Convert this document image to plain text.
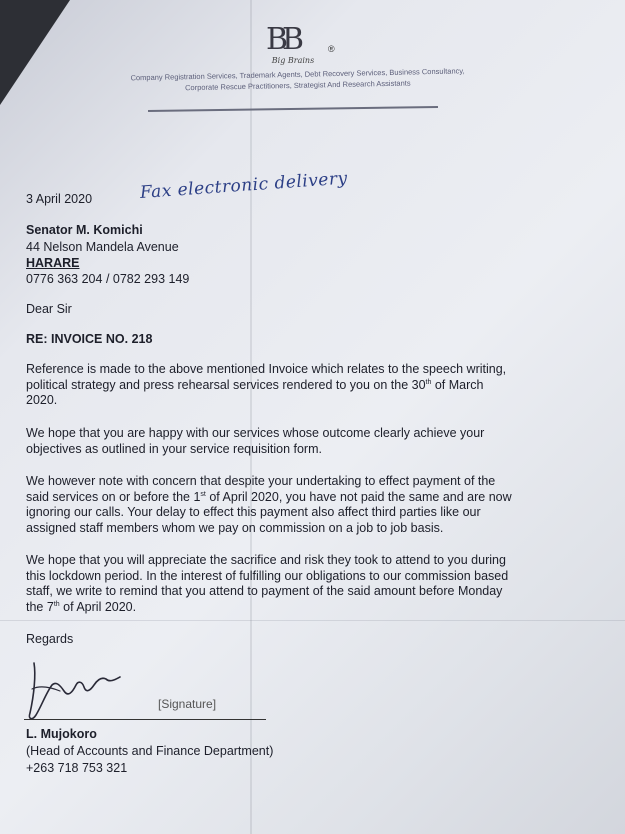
BB	®
Big Brains
Company Registration Services, Trademark Agents, Debt Recovery Services, Business Consultancy,
Corporate Rescue Practitioners, Strategist And Research Assistants
3 April 2020	Fax electronic delivery
Senator M. Komichi
44 Nelson Mandela Avenue
HARARE
0776 363 204 / 0782 293 149
Dear Sir
RE: INVOICE NO. 218
Reference is made to the above mentioned Invoice which relates to the speech writing,
political strategy and press rehearsal services rendered to you on the 30th of March
2020.
We hope that you are happy with our services whose outcome clearly achieve your
objectives as outlined in your service requisition form.
We however note with concern that despite your undertaking to effect payment of the
said services on or before the 1st of April 2020, you have not paid the same and are now
ignoring our calls. Your delay to effect this payment also affect third parties like our
assigned staff members whom we pay on commission on a job to job basis.
We hope that you will appreciate the sacrifice and risk they took to attend to you during
this lockdown period. In the interest of fulfilling our obligations to our commission based
staff, we write to remind that you attend to payment of the said amount before Monday
the 7th of April 2020.
Regards
[Signature]
L. Mujokoro
(Head of Accounts and Finance Department)
+263 718 753 321
